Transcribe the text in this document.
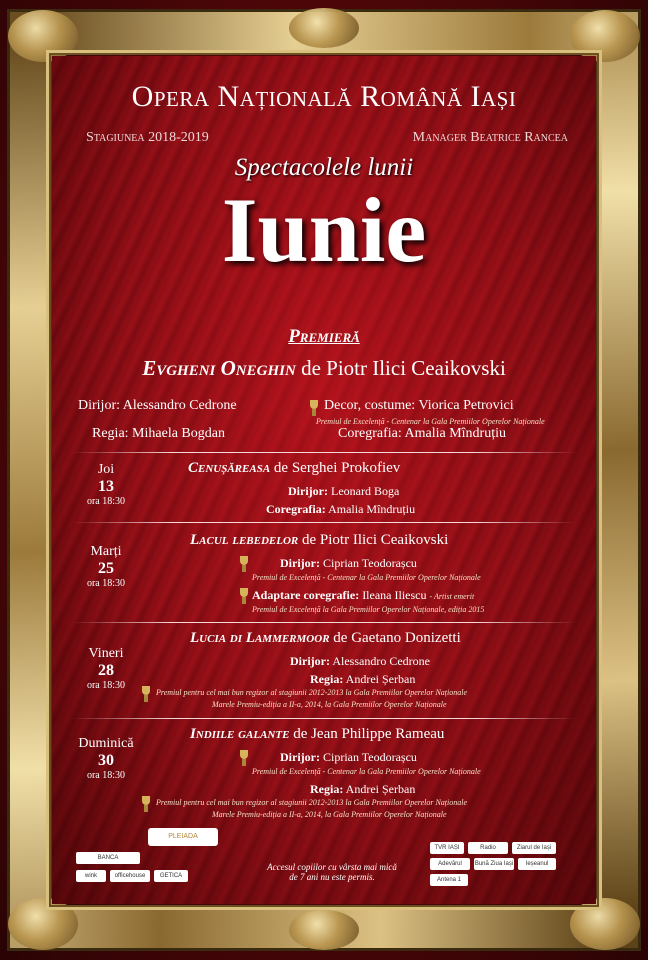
Opera Națională Română Iași
Stagiunea 2018-2019	Manager Beatrice Rancea
Spectacolele lunii
Iunie
Premieră
Evgheni Oneghin de Piotr Ilici Ceaikovski
Dirijor: Alessandro Cedrone	Decor, costume: Viorica Petrovici
Premiul de Excelență - Centenar la Gala Premiilor Operelor Naționale
Regia: Mihaela Bogdan	Coregrafia: Amalia Mîndruțiu
Joi
13
ora 18:30
Cenușăreasa de Serghei Prokofiev
Dirijor: Leonard Boga
Coregrafia: Amalia Mîndruțiu
Marți
25
ora 18:30
Lacul lebedelor de Piotr Ilici Ceaikovski
Dirijor: Ciprian Teodorașcu
Premiul de Excelență - Centenar la Gala Premiilor Operelor Naționale
Adaptare coregrafie: Ileana Iliescu - Artist emerit
Premiul de Excelență la Gala Premiilor Operelor Naționale, ediția 2015
Vineri
28
ora 18:30
Lucia di Lammermoor de Gaetano Donizetti
Dirijor: Alessandro Cedrone
Regia: Andrei Șerban
Premiul pentru cel mai bun regizor al stagiunii 2012-2013 la Gala Premiilor Operelor Naționale
Marele Premiu-ediția a II-a, 2014, la Gala Premiilor Operelor Naționale
Duminică
30
ora 18:30
Indiile galante de Jean Philippe Rameau
Dirijor: Ciprian Teodorașcu
Premiul de Excelență - Centenar la Gala Premiilor Operelor Naționale
Regia: Andrei Șerban
Premiul pentru cel mai bun regizor al stagiunii 2012-2013 la Gala Premiilor Operelor Naționale
Marele Premiu-ediția a II-a, 2014, la Gala Premiilor Operelor Naționale
PLEIADA
BANCA
wink	officehouse	GETICA
Accesul copiilor cu vârsta mai mică de 7 ani nu este permis.
TVR IAȘI	Radio	Ziarul de Iași
Adevărul	Bună Ziua Iași	Ieșeanul
Antena 1
